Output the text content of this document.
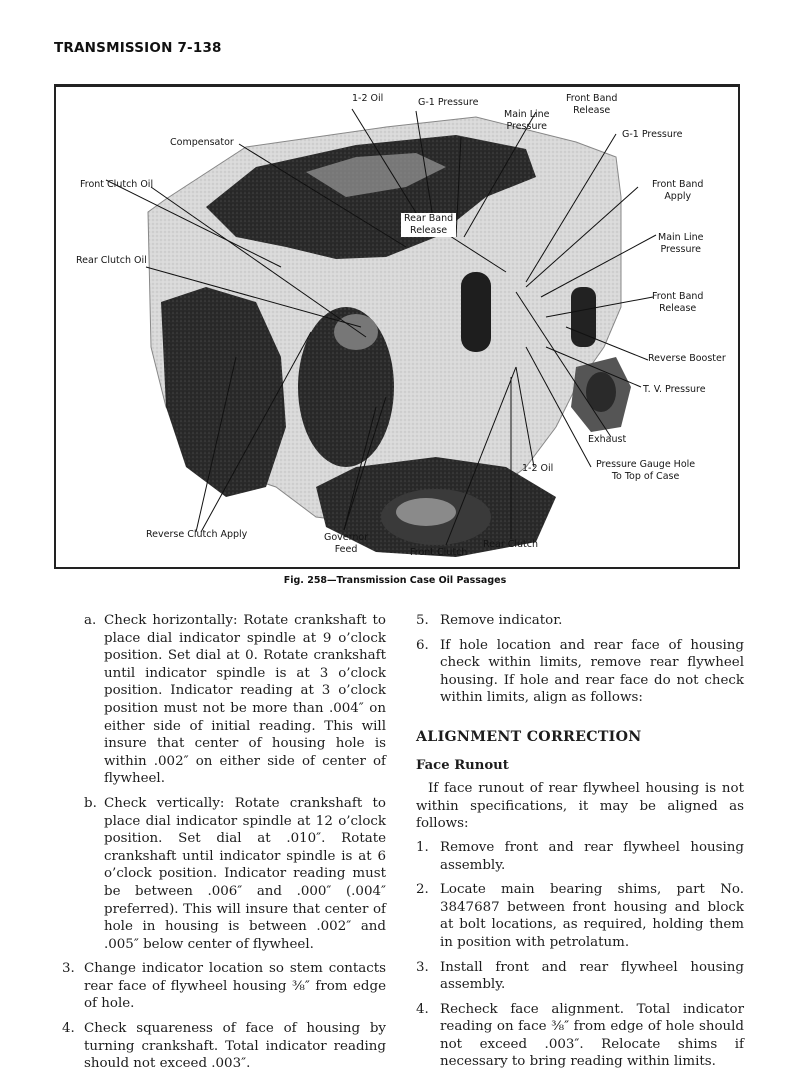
TRANSMISSION 7-138
1-2 Oil	G-1 Pressure
Main Line
Pressure
Front Band
Release
G-1 Pressure
Compensator
Front Clutch Oil
Rear Band
Release
Front Band
Apply
Rear Clutch Oil
Main Line
Pressure
Front Band
Release
Reverse Booster
T. V. Pressure
Exhaust
1-2 Oil	Pressure Gauge Hole
To Top of Case
Reverse Clutch Apply	Governor
Feed	Front Clutch
Rear Clutch
Fig. 258—Transmission Case Oil Passages
a. Check horizontally: Rotate crankshaft to place dial indicator spindle at 9 o’clock position. Set dial at 0. Rotate crankshaft until indicator spindle is at 3 o’clock position. Indicator reading at 3 o’clock position must not be more than .004″ on either side of initial reading. This will insure that center of housing hole is within .002″ on either side of center of flywheel.
b. Check vertically: Rotate crankshaft to place dial indicator spindle at 12 o’clock position. Set dial at .010″. Rotate crankshaft until indicator spindle is at 6 o’clock position. Indicator reading must be between .006″ and .000″ (.004″ preferred). This will insure that center of hole in housing is between .002″ and .005″ below center of flywheel.
3. Change indicator location so stem contacts rear face of flywheel housing ⅜″ from edge of hole.
4. Check squareness of face of housing by turning crankshaft. Total indicator reading should not exceed .003″.
5. Remove indicator.
6. If hole location and rear face of housing check within limits, remove rear flywheel housing. If hole and rear face do not check within limits, align as follows:
ALIGNMENT CORRECTION
Face Runout
If face runout of rear flywheel housing is not within specifications, it may be aligned as follows:
1. Remove front and rear flywheel housing assembly.
2. Locate main bearing shims, part No. 3847687 between front housing and block at bolt locations, as required, holding them in position with petrolatum.
3. Install front and rear flywheel housing assembly.
4. Recheck face alignment. Total indicator reading on face ⅜″ from edge of hole should not exceed .003″. Relocate shims if necessary to bring reading within limits.
